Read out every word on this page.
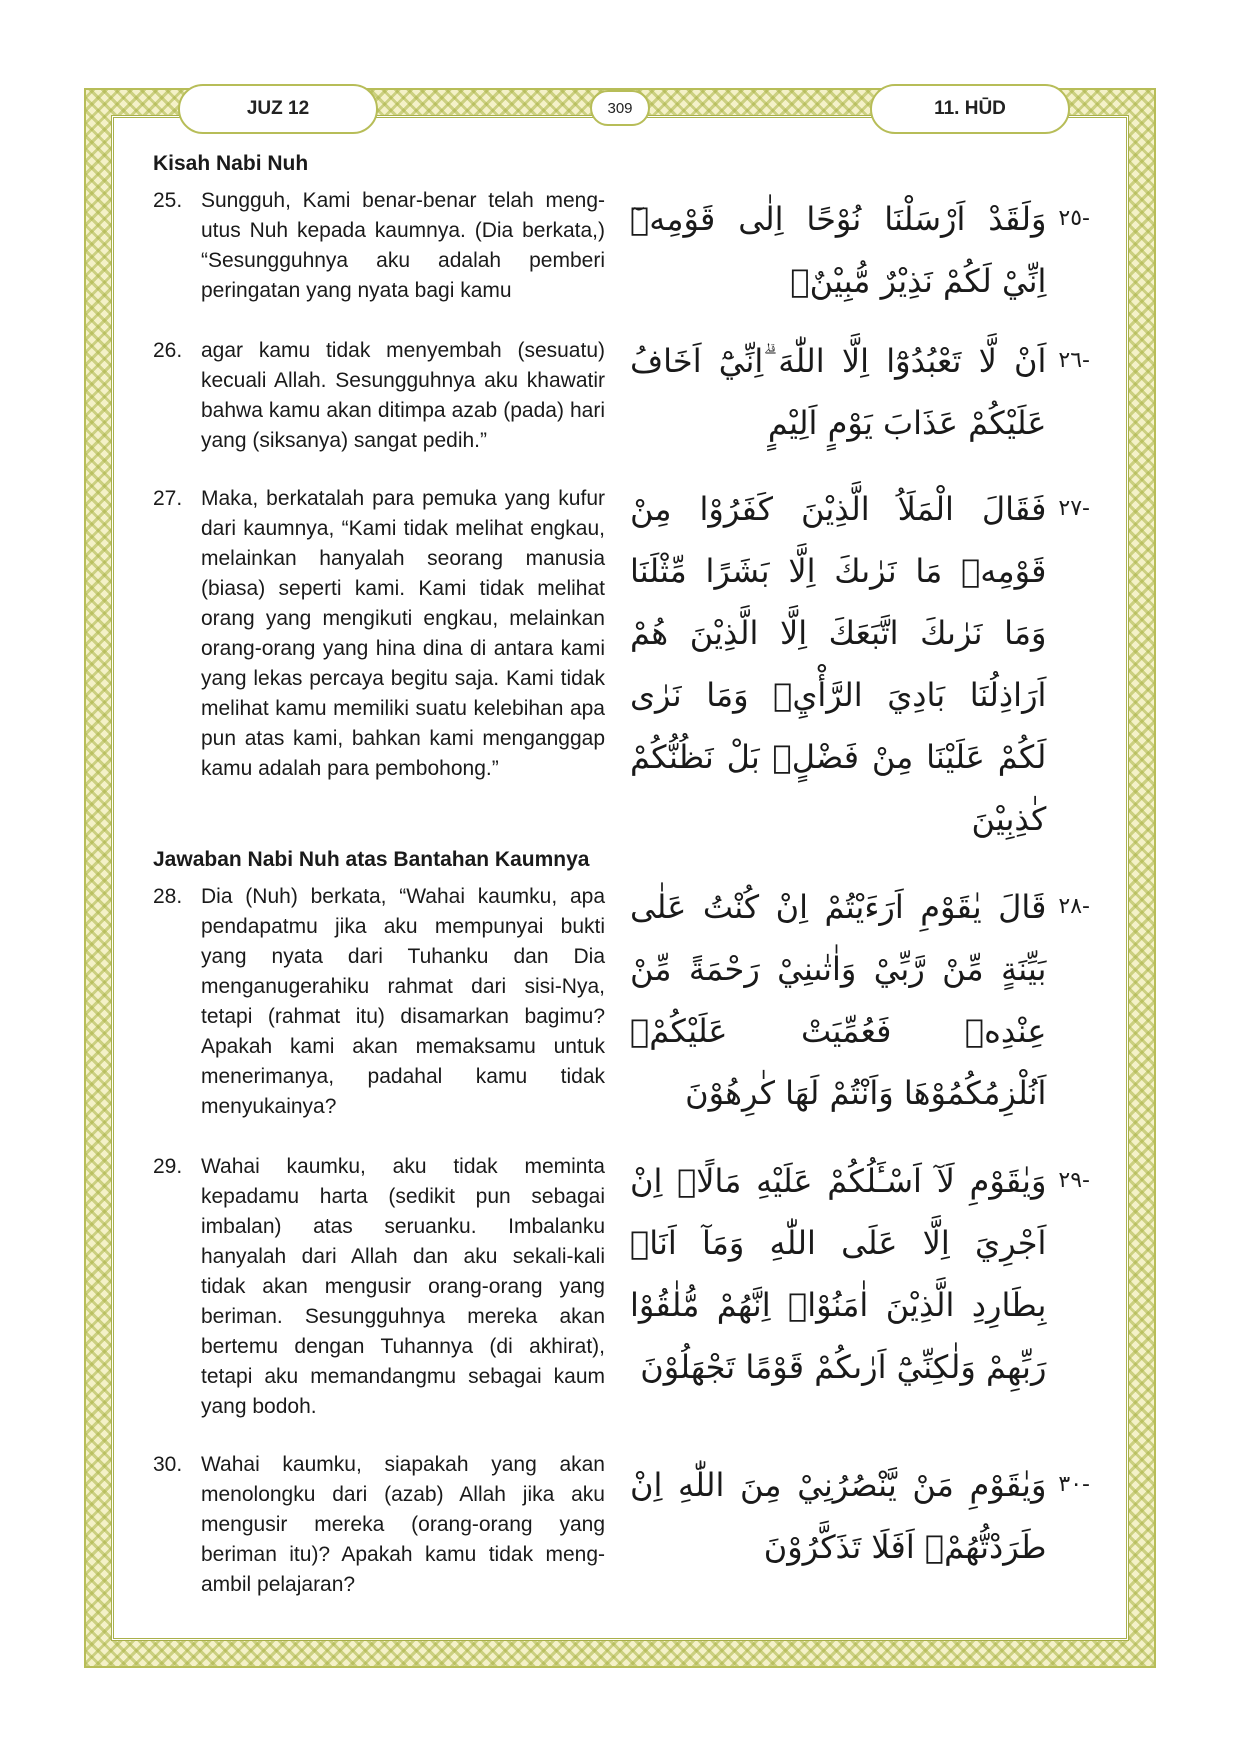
JUZ 12	309	11. HŪD
Kisah Nabi Nuh
25. Sungguh, Kami benar-benar telah meng-utus Nuh kepada kaumnya. (Dia berkata,) “Sesungguhnya aku adalah pemberi peringatan yang nyata bagi kamu
-٢٥
وَلَقَدْ اَرْسَلْنَا نُوْحًا اِلٰى قَوْمِهٖٓ اِنِّيْ لَكُمْ نَذِيْرٌ مُّبِيْنٌۙ
26. agar kamu tidak menyembah (sesuatu) kecuali Allah. Sesungguhnya aku khawatir bahwa kamu akan ditimpa azab (pada) hari yang (siksanya) sangat pedih.”
-٢٦
اَنْ لَّا تَعْبُدُوْٓا اِلَّا اللّٰهَ ۗاِنِّيْٓ اَخَافُ عَلَيْكُمْ عَذَابَ يَوْمٍ اَلِيْمٍ
27. Maka, berkatalah para pemuka yang kufur dari kaumnya, “Kami tidak melihat engkau, melainkan hanyalah seorang manusia (biasa) seperti kami. Kami tidak melihat orang yang mengikuti engkau, melainkan orang-orang yang hina dina di antara kami yang lekas percaya begitu saja. Kami tidak melihat kamu memiliki suatu kelebihan apa pun atas kami, bahkan kami menganggap kamu adalah para pembohong.”
-٢٧
فَقَالَ الْمَلَاُ الَّذِيْنَ كَفَرُوْا مِنْ قَوْمِهٖ مَا نَرٰىكَ اِلَّا بَشَرًا مِّثْلَنَا وَمَا نَرٰىكَ اتَّبَعَكَ اِلَّا الَّذِيْنَ هُمْ اَرَاذِلُنَا بَادِيَ الرَّأْيِۚ وَمَا نَرٰى لَكُمْ عَلَيْنَا مِنْ فَضْلٍۢ بَلْ نَظُنُّكُمْ كٰذِبِيْنَ
Jawaban Nabi Nuh atas Bantahan Kaumnya
28. Dia (Nuh) berkata, “Wahai kaumku, apa pendapatmu jika aku mempunyai bukti yang nyata dari Tuhanku dan Dia menganugerahiku rahmat dari sisi-Nya, tetapi (rahmat itu) disamarkan bagimu? Apakah kami akan memaksamu untuk menerimanya, padahal kamu tidak menyukainya?
-٢٨
قَالَ يٰقَوْمِ اَرَءَيْتُمْ اِنْ كُنْتُ عَلٰى بَيِّنَةٍ مِّنْ رَّبِّيْ وَاٰتٰىنِيْ رَحْمَةً مِّنْ عِنْدِهٖ فَعُمِّيَتْ عَلَيْكُمْۗ اَنُلْزِمُكُمُوْهَا وَاَنْتُمْ لَهَا كٰرِهُوْنَ
29. Wahai kaumku, aku tidak meminta kepadamu harta (sedikit pun sebagai imbalan) atas seruanku. Imbalanku hanyalah dari Allah dan aku sekali-kali tidak akan mengusir orang-orang yang beriman. Sesungguhnya mereka akan bertemu dengan Tuhannya (di akhirat), tetapi aku memandangmu sebagai kaum yang bodoh.
-٢٩
وَيٰقَوْمِ لَآ اَسْـَٔلُكُمْ عَلَيْهِ مَالًاۗ اِنْ اَجْرِيَ اِلَّا عَلَى اللّٰهِ وَمَآ اَنَا۠ بِطَارِدِ الَّذِيْنَ اٰمَنُوْاۗ اِنَّهُمْ مُّلٰقُوْا رَبِّهِمْ وَلٰكِنِّيْٓ اَرٰىكُمْ قَوْمًا تَجْهَلُوْنَ
30. Wahai kaumku, siapakah yang akan menolongku dari (azab) Allah jika aku mengusir mereka (orang-orang yang beriman itu)? Apakah kamu tidak meng-ambil pelajaran?
-٣٠
وَيٰقَوْمِ مَنْ يَّنْصُرُنِيْ مِنَ اللّٰهِ اِنْ طَرَدْتُّهُمْۗ اَفَلَا تَذَكَّرُوْنَ
